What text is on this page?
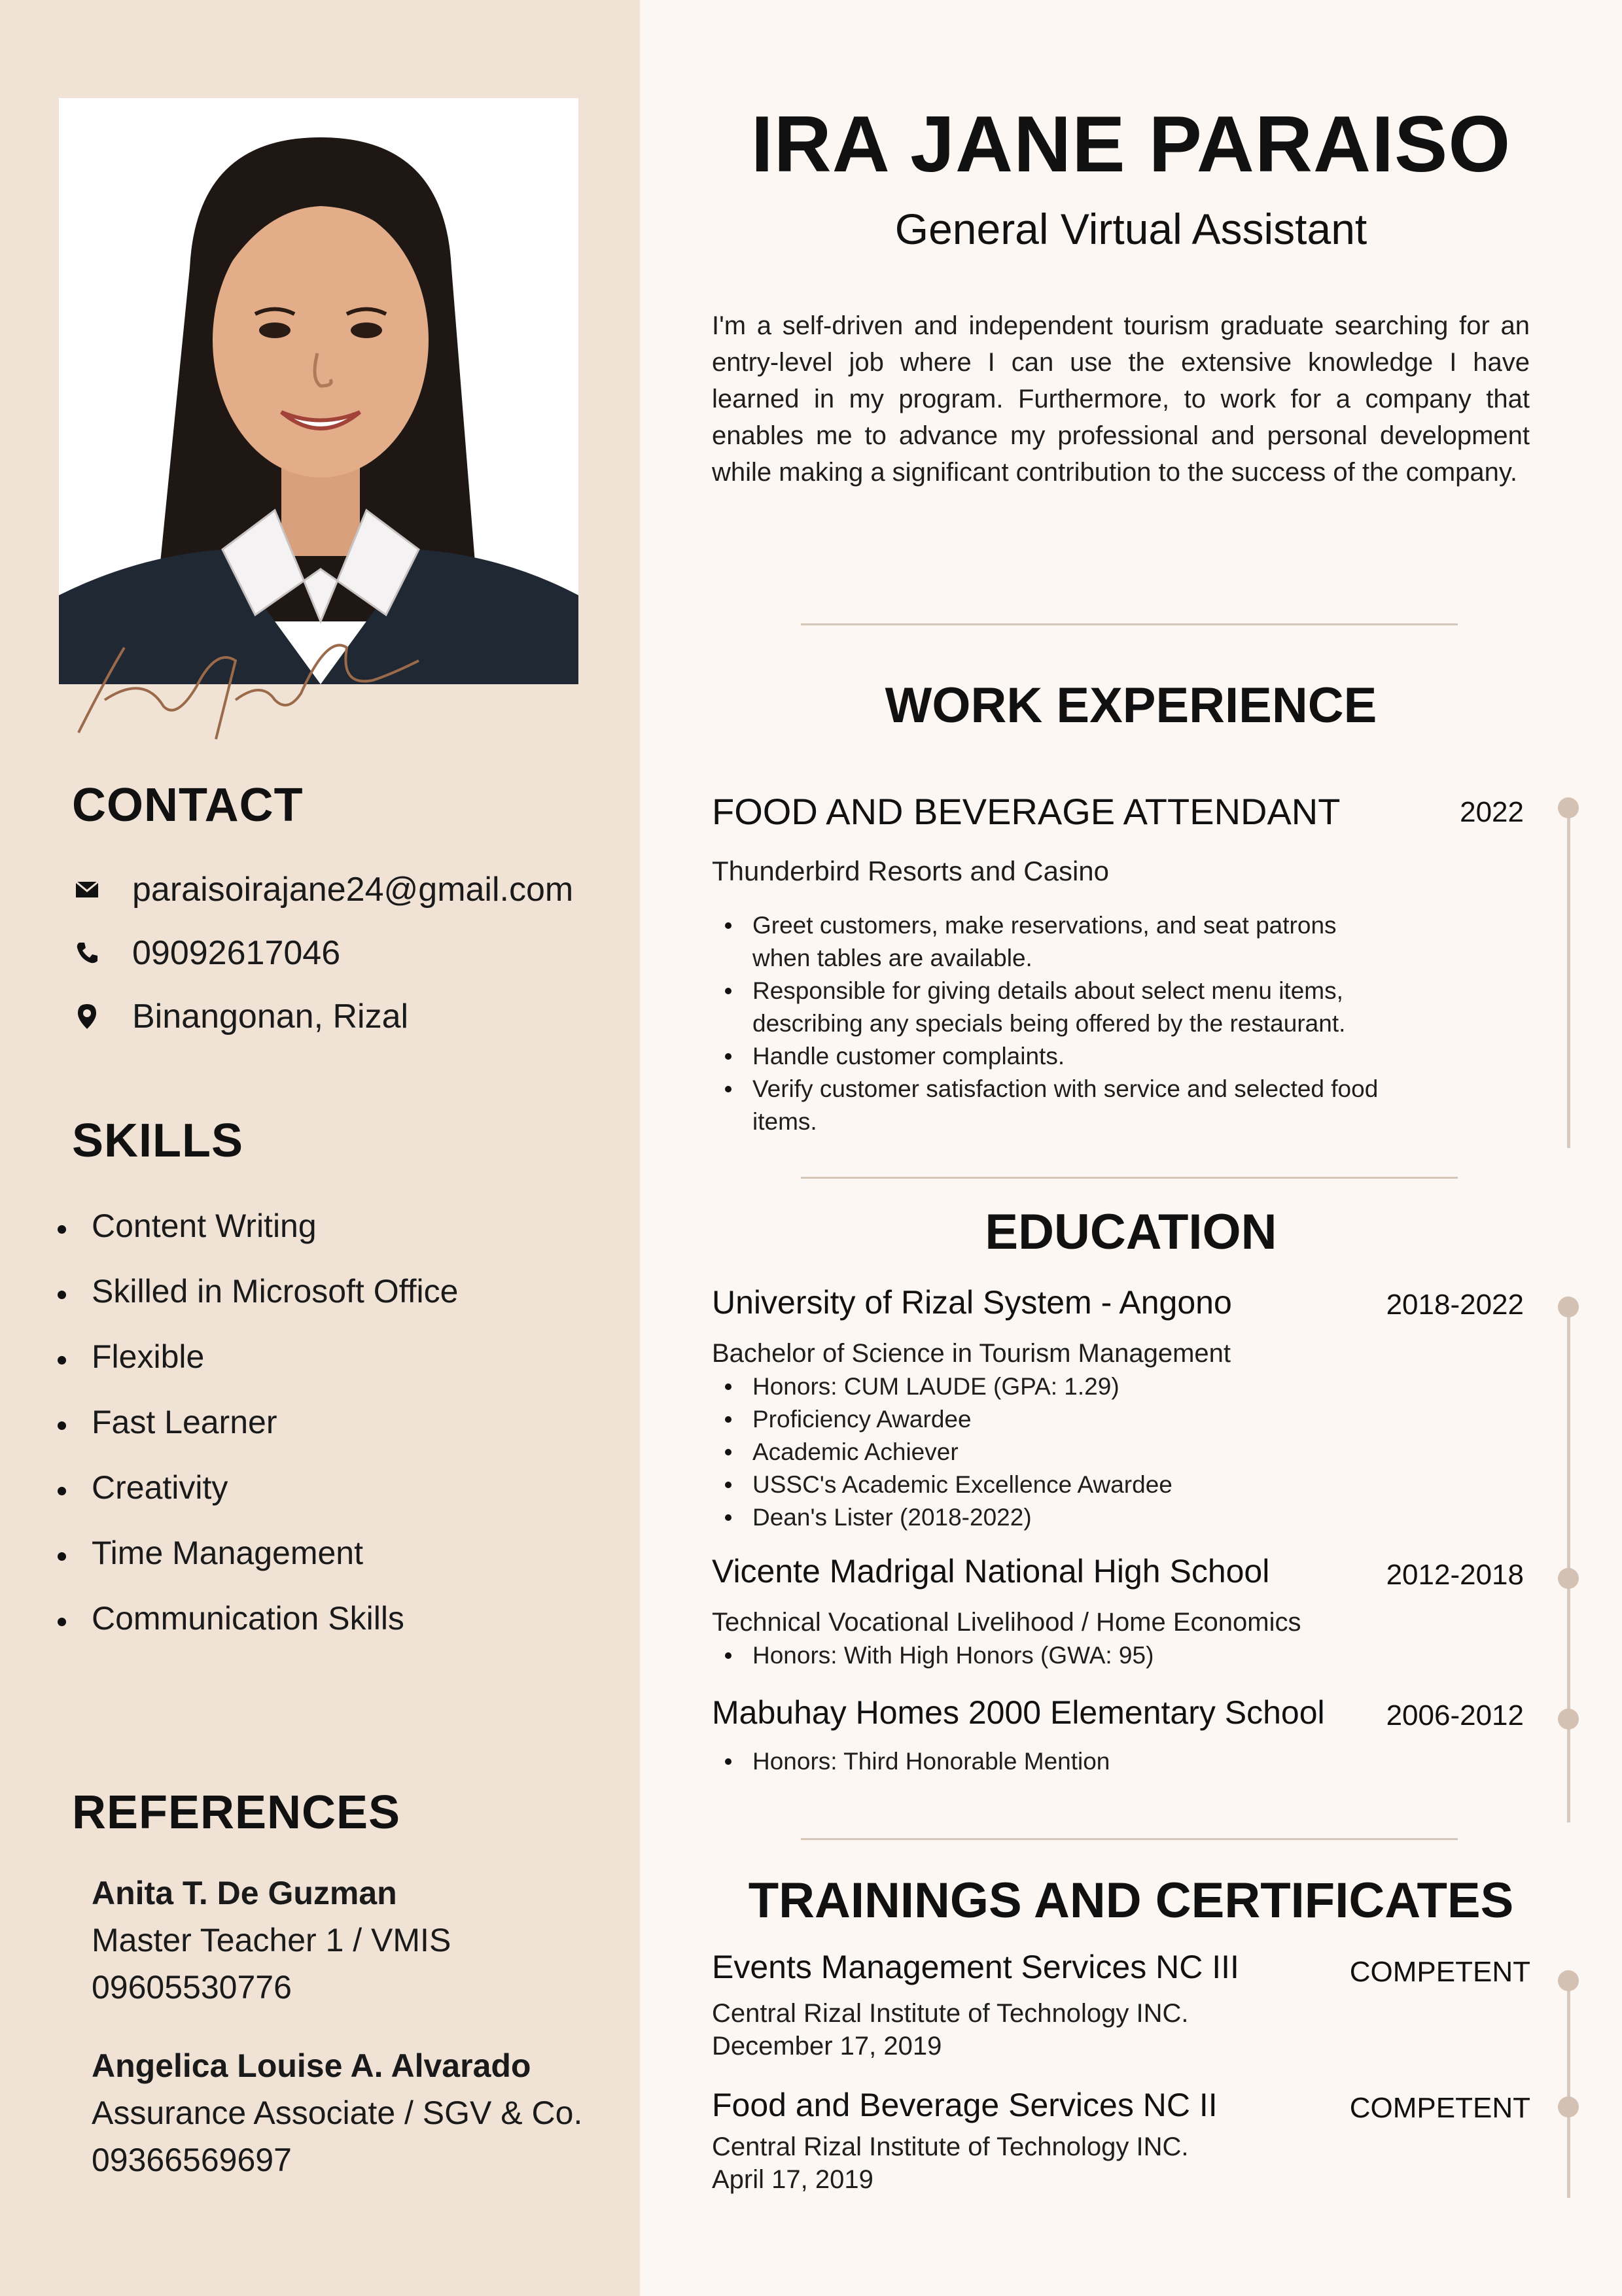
CONTACT
paraisoirajane24@gmail.com
09092617046
Binangonan, Rizal
SKILLS
Content Writing
Skilled in Microsoft Office
Flexible
Fast Learner
Creativity
Time Management
Communication Skills
REFERENCES
Anita T. De Guzman
Master Teacher 1 / VMIS
09605530776
Angelica Louise A. Alvarado
Assurance Associate / SGV & Co.
09366569697
IRA JANE PARAISO
General Virtual Assistant
I'm a self-driven and independent tourism graduate searching for an entry-level job where I can use the extensive knowledge I have learned in my program. Furthermore, to work for a company that enables me to advance my professional and personal development while making a significant contribution to the success of the company.
WORK EXPERIENCE
FOOD AND BEVERAGE ATTENDANT	2022
Thunderbird Resorts and Casino
Greet customers, make reservations, and seat patrons
when tables are available.
Responsible for giving details about select menu items,
describing any specials being offered by the restaurant.
Handle customer complaints.
Verify customer satisfaction with service and selected food
items.
EDUCATION
University of Rizal System - Angono	2018-2022
Bachelor of Science in Tourism Management
Honors: CUM LAUDE (GPA: 1.29)
Proficiency Awardee
Academic Achiever
USSC's Academic Excellence Awardee
Dean's Lister (2018-2022)
Vicente Madrigal National High School	2012-2018
Technical Vocational Livelihood / Home Economics
Honors: With High Honors (GWA: 95)
Mabuhay Homes 2000 Elementary School 2006-2012
Honors: Third Honorable Mention
TRAININGS AND CERTIFICATES
Events Management Services NC III	COMPETENT
Central Rizal Institute of Technology INC.
December 17, 2019
Food and Beverage Services NC II	COMPETENT
Central Rizal Institute of Technology INC.
April 17, 2019
